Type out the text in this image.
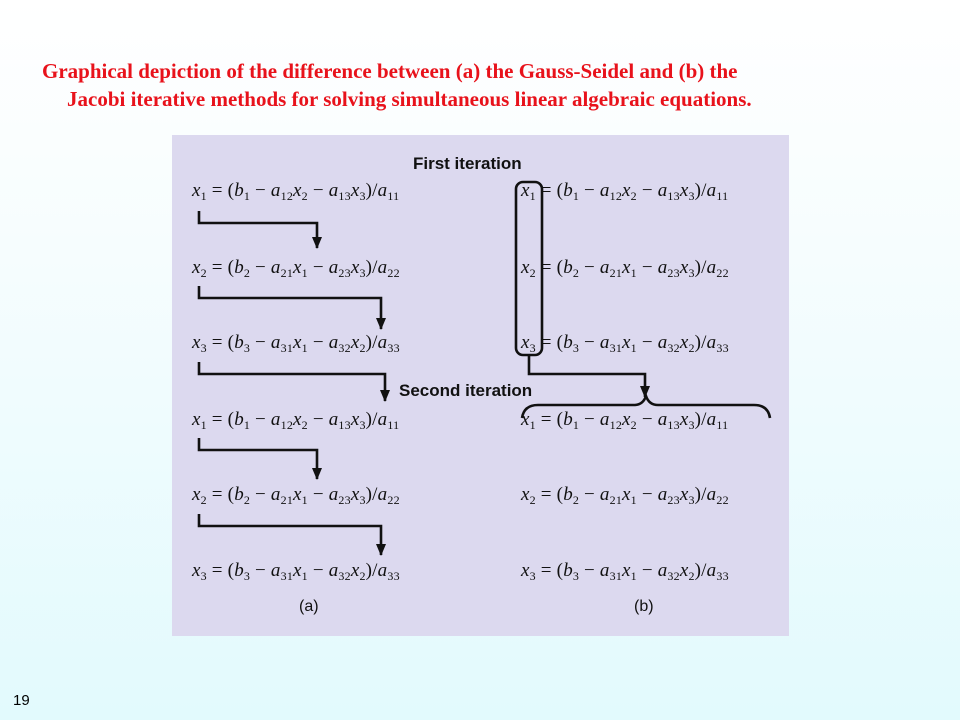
Graphical depiction of the difference between (a) the Gauss-Seidel and (b) the
Jacobi iterative methods for solving simultaneous linear algebraic equations.
First iteration
Second iteration
$x_1 = (b_1 - a_{12}x_2 - a_{13}x_3)/a_{11}$
$x_2 = (b_2 - a_{21}x_1 - a_{23}x_3)/a_{22}$
$x_3 = (b_3 - a_{31}x_1 - a_{32}x_2)/a_{33}$
$x_1 = (b_1 - a_{12}x_2 - a_{13}x_3)/a_{11}$
$x_2 = (b_2 - a_{21}x_1 - a_{23}x_3)/a_{22}$
$x_3 = (b_3 - a_{31}x_1 - a_{32}x_2)/a_{33}$
$x_1 = (b_1 - a_{12}x_2 - a_{13}x_3)/a_{11}$
$x_2 = (b_2 - a_{21}x_1 - a_{23}x_3)/a_{22}$
$x_3 = (b_3 - a_{31}x_1 - a_{32}x_2)/a_{33}$
$x_1 = (b_1 - a_{12}x_2 - a_{13}x_3)/a_{11}$
$x_2 = (b_2 - a_{21}x_1 - a_{23}x_3)/a_{22}$
$x_3 = (b_3 - a_{31}x_1 - a_{32}x_2)/a_{33}$
(a)	(b)
19
